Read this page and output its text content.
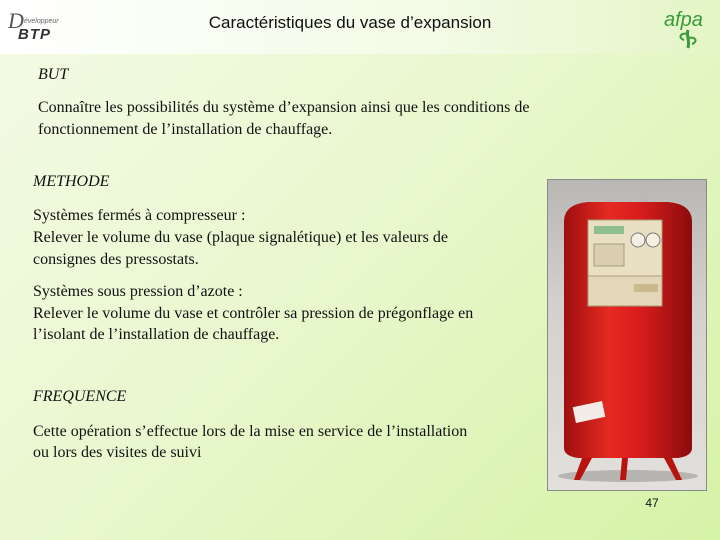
D éveloppeur
BTP
Caractéristiques du vase d’expansion	afpa
BUT
Connaître les possibilités du système d’expansion ainsi que les conditions de
fonctionnement de l’installation de chauffage.
METHODE
Systèmes fermés à compresseur :
Relever le volume du vase (plaque signalétique) et les valeurs de
consignes des pressostats.
Systèmes sous pression d’azote :
Relever le volume du vase et contrôler sa pression de prégonflage en
l’isolant de l’installation de chauffage.
FREQUENCE
Cette opération s’effectue lors de la mise en service de l’installation
ou lors des visites de suivi
47
